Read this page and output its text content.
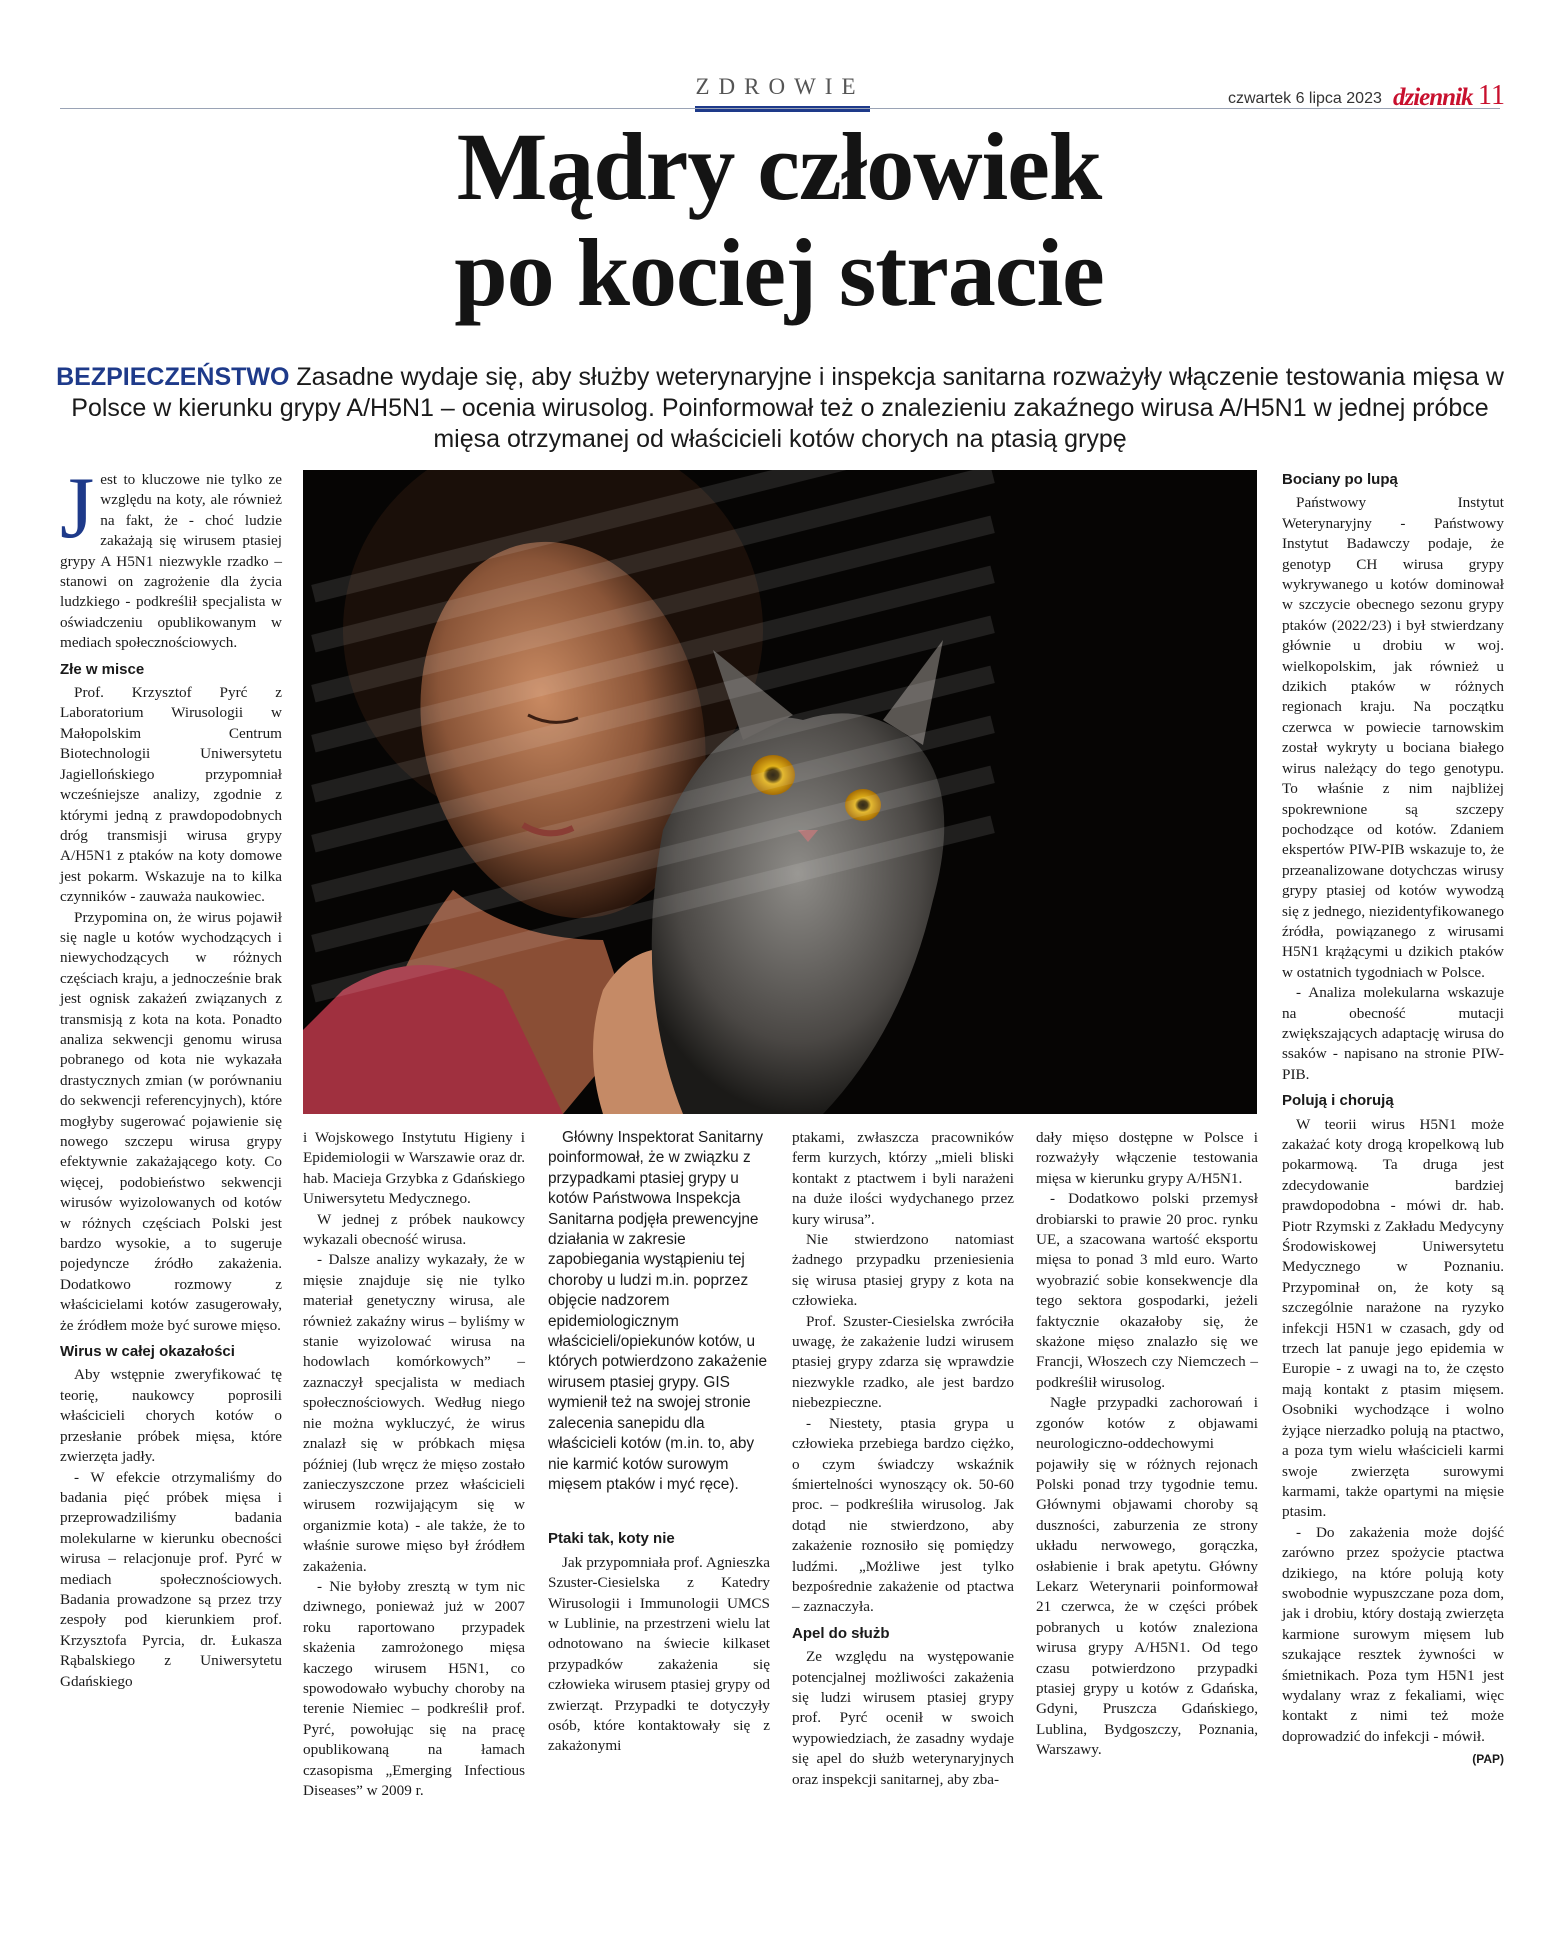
ZDROWIE	czwartek 6 lipca 2023 dziennik 11
Mądry człowiek
po kociej stracie
BEZPIECZEŃSTWO Zasadne wydaje się, aby służby weterynaryjne i inspekcja sanitarna rozważyły włączenie testowania mięsa w Polsce w kierunku grypy A/H5N1 – ocenia wirusolog. Poinformował też o znalezieniu zakaźnego wirusa A/H5N1 w jednej próbce mięsa otrzymanej od właścicieli kotów chorych na ptasią grypę

Jest to kluczowe nie tylko ze względu na koty, ale również na fakt, że - choć ludzie zakażają się wirusem ptasiej grypy A H5N1 niezwykle rzadko – stanowi on zagrożenie dla życia ludzkiego - podkreślił specjalista w oświadczeniu opublikowanym w mediach społecznościowych.

Złe w misce

Prof. Krzysztof Pyrć z Laboratorium Wirusologii w Małopolskim Centrum Biotechnologii Uniwersytetu Jagiellońskiego przypomniał wcześniejsze analizy, zgodnie z którymi jedną z prawdopodobnych dróg transmisji wirusa grypy A/H5N1 z ptaków na koty domowe jest pokarm. Wskazuje na to kilka czynników - zauważa naukowiec.

Przypomina on, że wirus pojawił się nagle u kotów wychodzących i niewychodzących w różnych częściach kraju, a jednocześnie brak jest ognisk zakażeń związanych z transmisją z kota na kota. Ponadto analiza sekwencji genomu wirusa pobranego od kota nie wykazała drastycznych zmian (w porównaniu do sekwencji referencyjnych), które mogłyby sugerować pojawienie się nowego szczepu wirusa grypy efektywnie zakażającego koty. Co więcej, podobieństwo sekwencji wirusów wyizolowanych od kotów w różnych częściach Polski jest bardzo wysokie, a to sugeruje pojedyncze źródło zakażenia. Dodatkowo rozmowy z właścicielami kotów zasugerowały, że źródłem może być surowe mięso.

Wirus w całej okazałości

Aby wstępnie zweryfikować tę teorię, naukowcy poprosili właścicieli chorych kotów o przesłanie próbek mięsa, które zwierzęta jadły.

- W efekcie otrzymaliśmy do badania pięć próbek mięsa i przeprowadziliśmy badania molekularne w kierunku obecności wirusa – relacjonuje prof. Pyrć w mediach społecznościowych. Badania prowadzone są przez trzy zespoły pod kierunkiem prof. Krzysztofa Pyrcia, dr. Łukasza Rąbalskiego z Uniwersytetu Gdańskiego

i Wojskowego Instytutu Higieny i Epidemiologii w Warszawie oraz dr. hab. Macieja Grzybka z Gdańskiego Uniwersytetu Medycznego.

W jednej z próbek naukowcy wykazali obecność wirusa.

- Dalsze analizy wykazały, że w mięsie znajduje się nie tylko materiał genetyczny wirusa, ale również zakaźny wirus – byliśmy w stanie wyizolować wirusa na hodowlach komórkowych” – zaznaczył specjalista w mediach społecznościowych. Według niego nie można wykluczyć, że wirus znalazł się w próbkach mięsa później (lub wręcz że mięso zostało zanieczyszczone przez właścicieli wirusem rozwijającym się w organizmie kota) - ale także, że to właśnie surowe mięso był źródłem zakażenia.

- Nie byłoby zresztą w tym nic dziwnego, ponieważ już w 2007 roku raportowano przypadek skażenia zamrożonego mięsa kaczego wirusem H5N1, co spowodowało wybuchy choroby na terenie Niemiec – podkreślił prof. Pyrć, powołując się na pracę opublikowaną na łamach czasopisma „Emerging Infectious Diseases” w 2009 r.

Główny Inspektorat Sanitarny poinformował, że w związku z przypadkami ptasiej grypy u kotów Państwowa Inspekcja Sanitarna podjęła prewencyjne działania w zakresie zapobiegania wystąpieniu tej choroby u ludzi m.in. poprzez objęcie nadzorem epidemiologicznym właścicieli/opiekunów kotów, u których potwierdzono zakażenie wirusem ptasiej grypy. GIS wymienił też na swojej stronie zalecenia sanepidu dla właścicieli kotów (m.in. to, aby nie karmić kotów surowym mięsem ptaków i myć ręce).

Ptaki tak, koty nie

Jak przypomniała prof. Agnieszka Szuster-Ciesielska z Katedry Wirusologii i Immunologii UMCS w Lublinie, na przestrzeni wielu lat odnotowano na świecie kilkaset przypadków zakażenia się człowieka wirusem ptasiej grypy od zwierząt. Przypadki te dotyczyły osób, które kontaktowały się z zakażonymi

ptakami, zwłaszcza pracowników ferm kurzych, którzy „mieli bliski kontakt z ptactwem i byli narażeni na duże ilości wydychanego przez kury wirusa”.

Nie stwierdzono natomiast żadnego przypadku przeniesienia się wirusa ptasiej grypy z kota na człowieka.

Prof. Szuster-Ciesielska zwróciła uwagę, że zakażenie ludzi wirusem ptasiej grypy zdarza się wprawdzie niezwykle rzadko, ale jest bardzo niebezpieczne.

- Niestety, ptasia grypa u człowieka przebiega bardzo ciężko, o czym świadczy wskaźnik śmiertelności wynoszący ok. 50-60 proc. – podkreśliła wirusolog. Jak dotąd nie stwierdzono, aby zakażenie roznosiło się pomiędzy ludźmi. „Możliwe jest tylko bezpośrednie zakażenie od ptactwa – zaznaczyła.

Apel do służb

Ze względu na występowanie potencjalnej możliwości zakażenia się ludzi wirusem ptasiej grypy prof. Pyrć ocenił w swoich wypowiedziach, że zasadny wydaje się apel do służb weterynaryjnych oraz inspekcji sanitarnej, aby zba-

dały mięso dostępne w Polsce i rozważyły włączenie testowania mięsa w kierunku grypy A/H5N1.

- Dodatkowo polski przemysł drobiarski to prawie 20 proc. rynku UE, a szacowana wartość eksportu mięsa to ponad 3 mld euro. Warto wyobrazić sobie konsekwencje dla tego sektora gospodarki, jeżeli faktycznie okazałoby się, że skażone mięso znalazło się we Francji, Włoszech czy Niemczech – podkreślił wirusolog.

Nagłe przypadki zachorowań i zgonów kotów z objawami neurologiczno-oddechowymi pojawiły się w różnych rejonach Polski ponad trzy tygodnie temu. Głównymi objawami choroby są duszności, zaburzenia ze strony układu nerwowego, gorączka, osłabienie i brak apetytu. Główny Lekarz Weterynarii poinformował 21 czerwca, że w części próbek pobranych u kotów znaleziona wirusa grypy A/H5N1. Od tego czasu potwierdzono przypadki ptasiej grypy u kotów z Gdańska, Gdyni, Pruszcza Gdańskiego, Lublina, Bydgoszczy, Poznania, Warszawy.

Bociany po lupą

Państwowy Instytut Weterynaryjny - Państwowy Instytut Badawczy podaje, że genotyp CH wirusa grypy wykrywanego u kotów dominował w szczycie obecnego sezonu grypy ptaków (2022/23) i był stwierdzany głównie u drobiu w woj. wielkopolskim, jak również u dzikich ptaków w różnych regionach kraju. Na początku czerwca w powiecie tarnowskim został wykryty u bociana białego wirus należący do tego genotypu. To właśnie z nim najbliżej spokrewnione są szczepy pochodzące od kotów. Zdaniem ekspertów PIW-PIB wskazuje to, że przeanalizowane dotychczas wirusy grypy ptasiej od kotów wywodzą się z jednego, niezidentyfikowanego źródła, powiązanego z wirusami H5N1 krążącymi u dzikich ptaków w ostatnich tygodniach w Polsce.

- Analiza molekularna wskazuje na obecność mutacji zwiększających adaptację wirusa do ssaków - napisano na stronie PIW-PIB.

Polują i chorują

W teorii wirus H5N1 może zakażać koty drogą kropelkową lub pokarmową. Ta druga jest zdecydowanie bardziej prawdopodobna - mówi dr. hab. Piotr Rzymski z Zakładu Medycyny Środowiskowej Uniwersytetu Medycznego w Poznaniu. Przypominał on, że koty są szczególnie narażone na ryzyko infekcji H5N1 w czasach, gdy od trzech lat panuje jego epidemia w Europie - z uwagi na to, że często mają kontakt z ptasim mięsem. Osobniki wychodzące i wolno żyjące nierzadko polują na ptactwo, a poza tym wielu właścicieli karmi swoje zwierzęta surowymi karmami, także opartymi na mięsie ptasim.

- Do zakażenia może dojść zarówno przez spożycie ptactwa dzikiego, na które polują koty swobodnie wypuszczane poza dom, jak i drobiu, który dostają zwierzęta karmione surowym mięsem lub szukające resztek żywności w śmietnikach. Poza tym H5N1 jest wydalany wraz z fekaliami, więc kontakt z nimi też może doprowadzić do infekcji - mówił.

(PAP)
